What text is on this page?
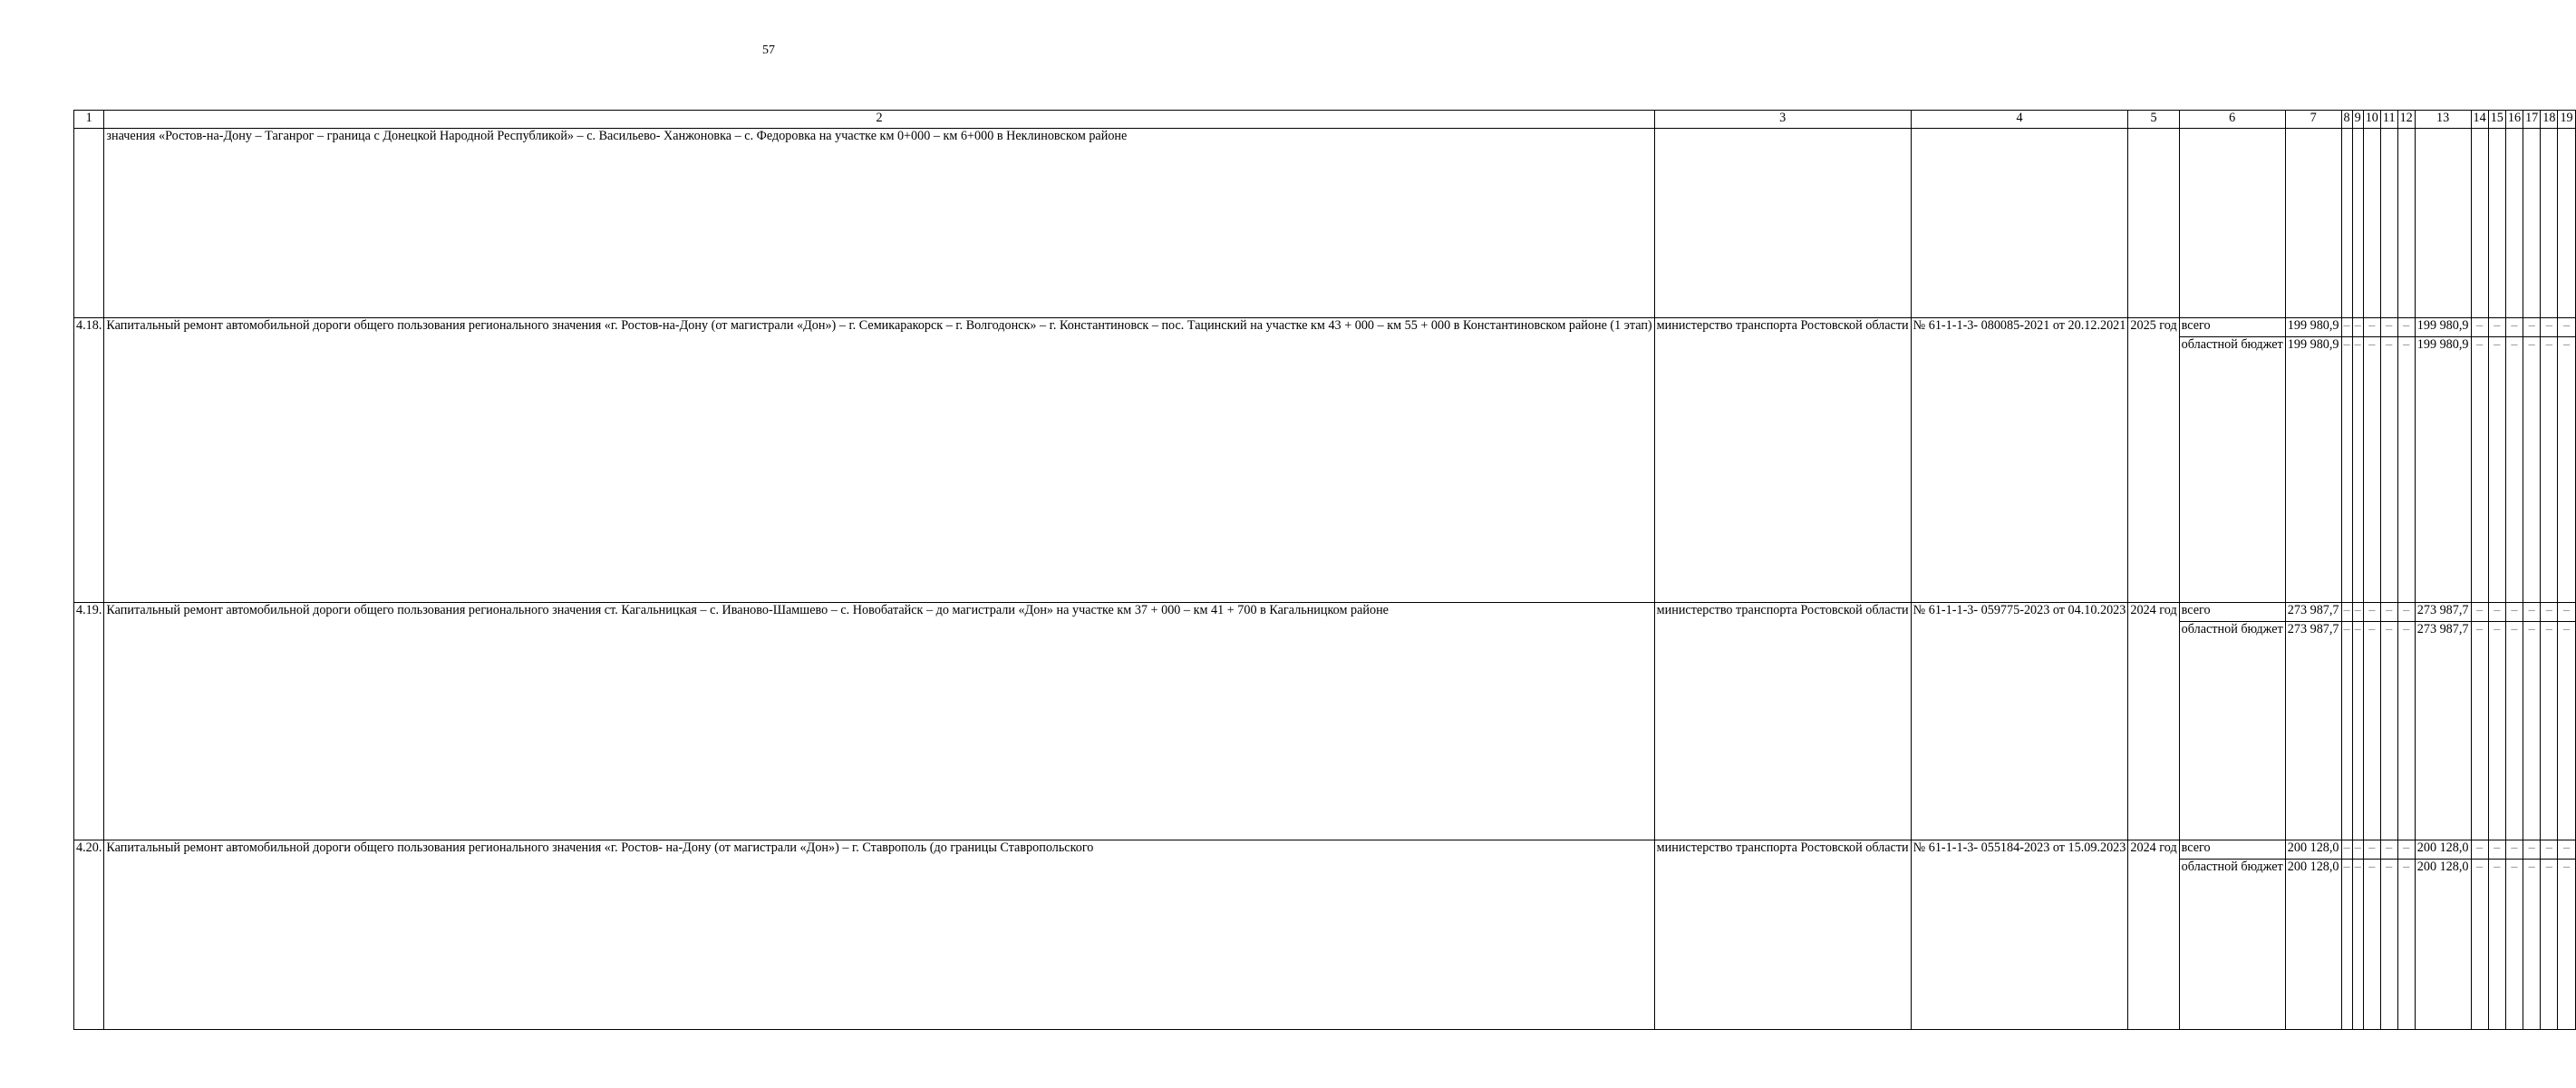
57
1	2	3	4	5	6	7	8	9	10	11	12	13	14	15	16	17	18	19
	значения «Ростов-на-Дону – Таганрог – граница с Донецкой Народной Республикой» – с. Васильево- Ханжоновка – с. Федоровка на участке км 0+000 – км 6+000 в Неклиновском районе																	
4.18.	Капитальный ремонт автомобильной дороги общего пользования регионального значения «г. Ростов-на-Дону (от магистрали «Дон») – г. Семикаракорск – г. Волгодонск» – г. Константиновск – пос. Тацинский на участке км 43 + 000 – км 55 + 000 в Константиновском районе (1 этап)	министерство транспорта Ростовской области	№ 61-1-1-3- 080085-2021 от 20.12.2021	2025 год	всего	199 980,9	–	–	–	–	–	199 980,9	–	–	–	–	–	–
					областной бюджет	199 980,9	–	–	–	–	–	199 980,9	–	–	–	–	–	–
4.19.	Капитальный ремонт автомобильной дороги общего пользования регионального значения ст. Кагальницкая – с. Иваново-Шамшево – с. Новобатайск – до магистрали «Дон» на участке км 37 + 000 – км 41 + 700 в Кагальницком районе	министерство транспорта Ростовской области	№ 61-1-1-3- 059775-2023 от 04.10.2023	2024 год	всего	273 987,7	–	–	–	–	–	273 987,7	–	–	–	–	–	–
					областной бюджет	273 987,7	–	–	–	–	–	273 987,7	–	–	–	–	–	–
4.20.	Капитальный ремонт автомобильной дороги общего пользования регионального значения «г. Ростов- на-Дону (от магистрали «Дон») – г. Ставрополь (до границы Ставропольского	министерство транспорта Ростовской области	№ 61-1-1-3- 055184-2023 от 15.09.2023	2024 год	всего	200 128,0	–	–	–	–	–	200 128,0	–	–	–	–	–	–
					областной бюджет	200 128,0	–	–	–	–	–	200 128,0	–	–	–	–	–	–
